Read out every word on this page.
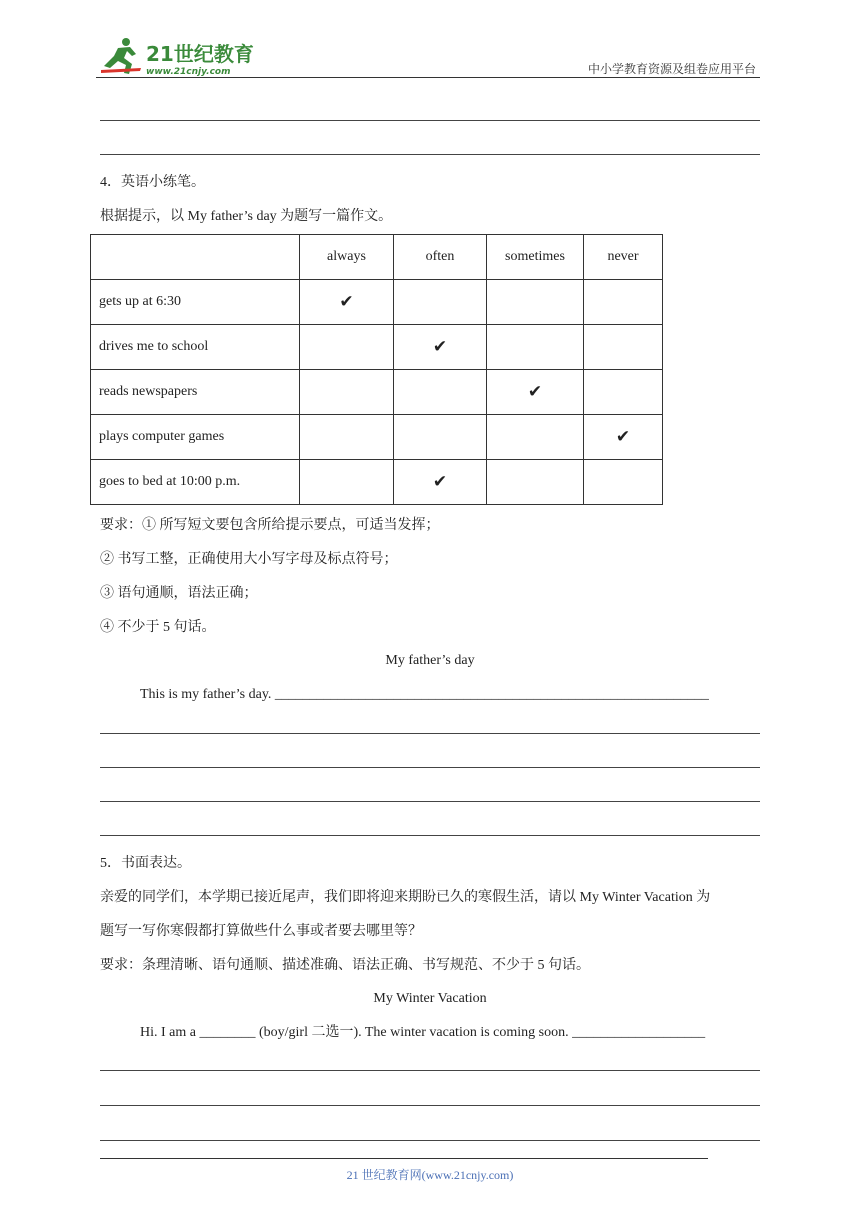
21世纪教育
www.21cnjy.com	中小学教育资源及组卷应用平台
4．英语小练笔。
根据提示，以 My father’s day 为题写一篇作文。
	always	often	sometimes	never
gets up at 6:30	✔			
drives me to school		✔		
reads newspapers			✔	
plays computer games				✔
goes to bed at 10:00 p.m.		✔		
要求：① 所写短文要包含所给提示要点，可适当发挥；
② 书写工整，正确使用大小写字母及标点符号；
③ 语句通顺，语法正确；
④ 不少于 5 句话。
My father’s day
This is my father’s day. ______________________________________________________________
5．书面表达。
亲爱的同学们，本学期已接近尾声，我们即将迎来期盼已久的寒假生活，请以 My Winter Vacation 为
题写一写你寒假都打算做些什么事或者要去哪里等？
要求：条理清晰、语句通顺、描述准确、语法正确、书写规范、不少于 5 句话。
My Winter Vacation
Hi. I am a ________ (boy/girl 二选一). The winter vacation is coming soon. ___________________
21 世纪教育网(www.21cnjy.com)
